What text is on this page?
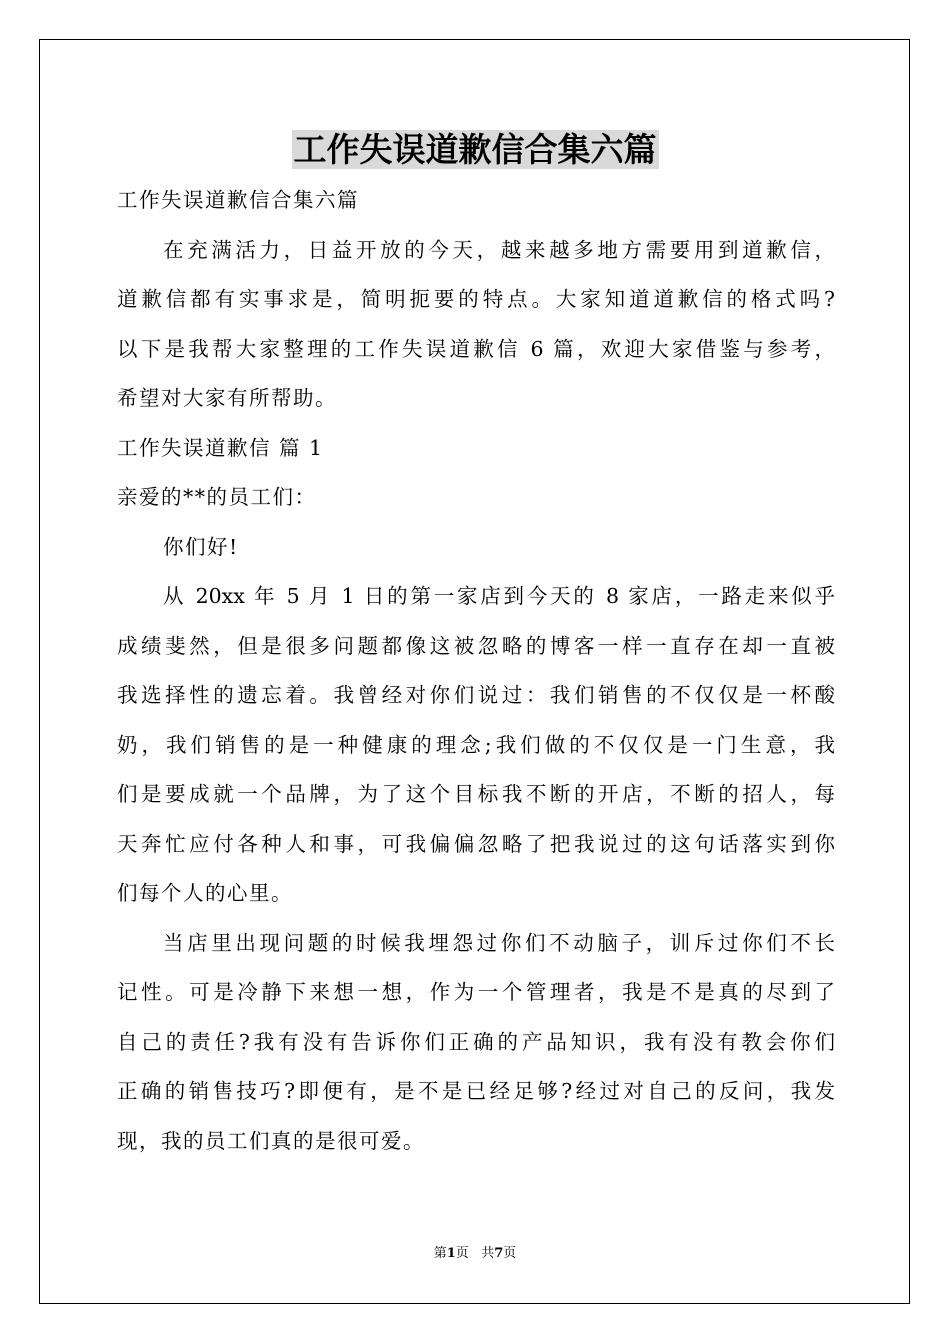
工作失误道歉信合集六篇

工作失误道歉信合集六篇

在充满活力，日益开放的今天，越来越多地方需要用到道歉信，

道歉信都有实事求是，简明扼要的特点。大家知道道歉信的格式吗?

以下是我帮大家整理的工作失误道歉信 6 篇，欢迎大家借鉴与参考，

希望对大家有所帮助。

工作失误道歉信 篇 1

亲爱的**的员工们：

你们好!

从 20xx 年 5 月 1 日的第一家店到今天的 8 家店，一路走来似乎

成绩斐然，但是很多问题都像这被忽略的博客一样一直存在却一直被

我选择性的遗忘着。我曾经对你们说过：我们销售的不仅仅是一杯酸

奶，我们销售的是一种健康的理念;我们做的不仅仅是一门生意，我

们是要成就一个品牌，为了这个目标我不断的开店，不断的招人，每

天奔忙应付各种人和事，可我偏偏忽略了把我说过的这句话落实到你

们每个人的心里。

当店里出现问题的时候我埋怨过你们不动脑子，训斥过你们不长

记性。可是冷静下来想一想，作为一个管理者，我是不是真的尽到了

自己的责任?我有没有告诉你们正确的产品知识，我有没有教会你们

正确的销售技巧?即便有，是不是已经足够?经过对自己的反问，我发

现，我的员工们真的是很可爱。

第1页 共7页
